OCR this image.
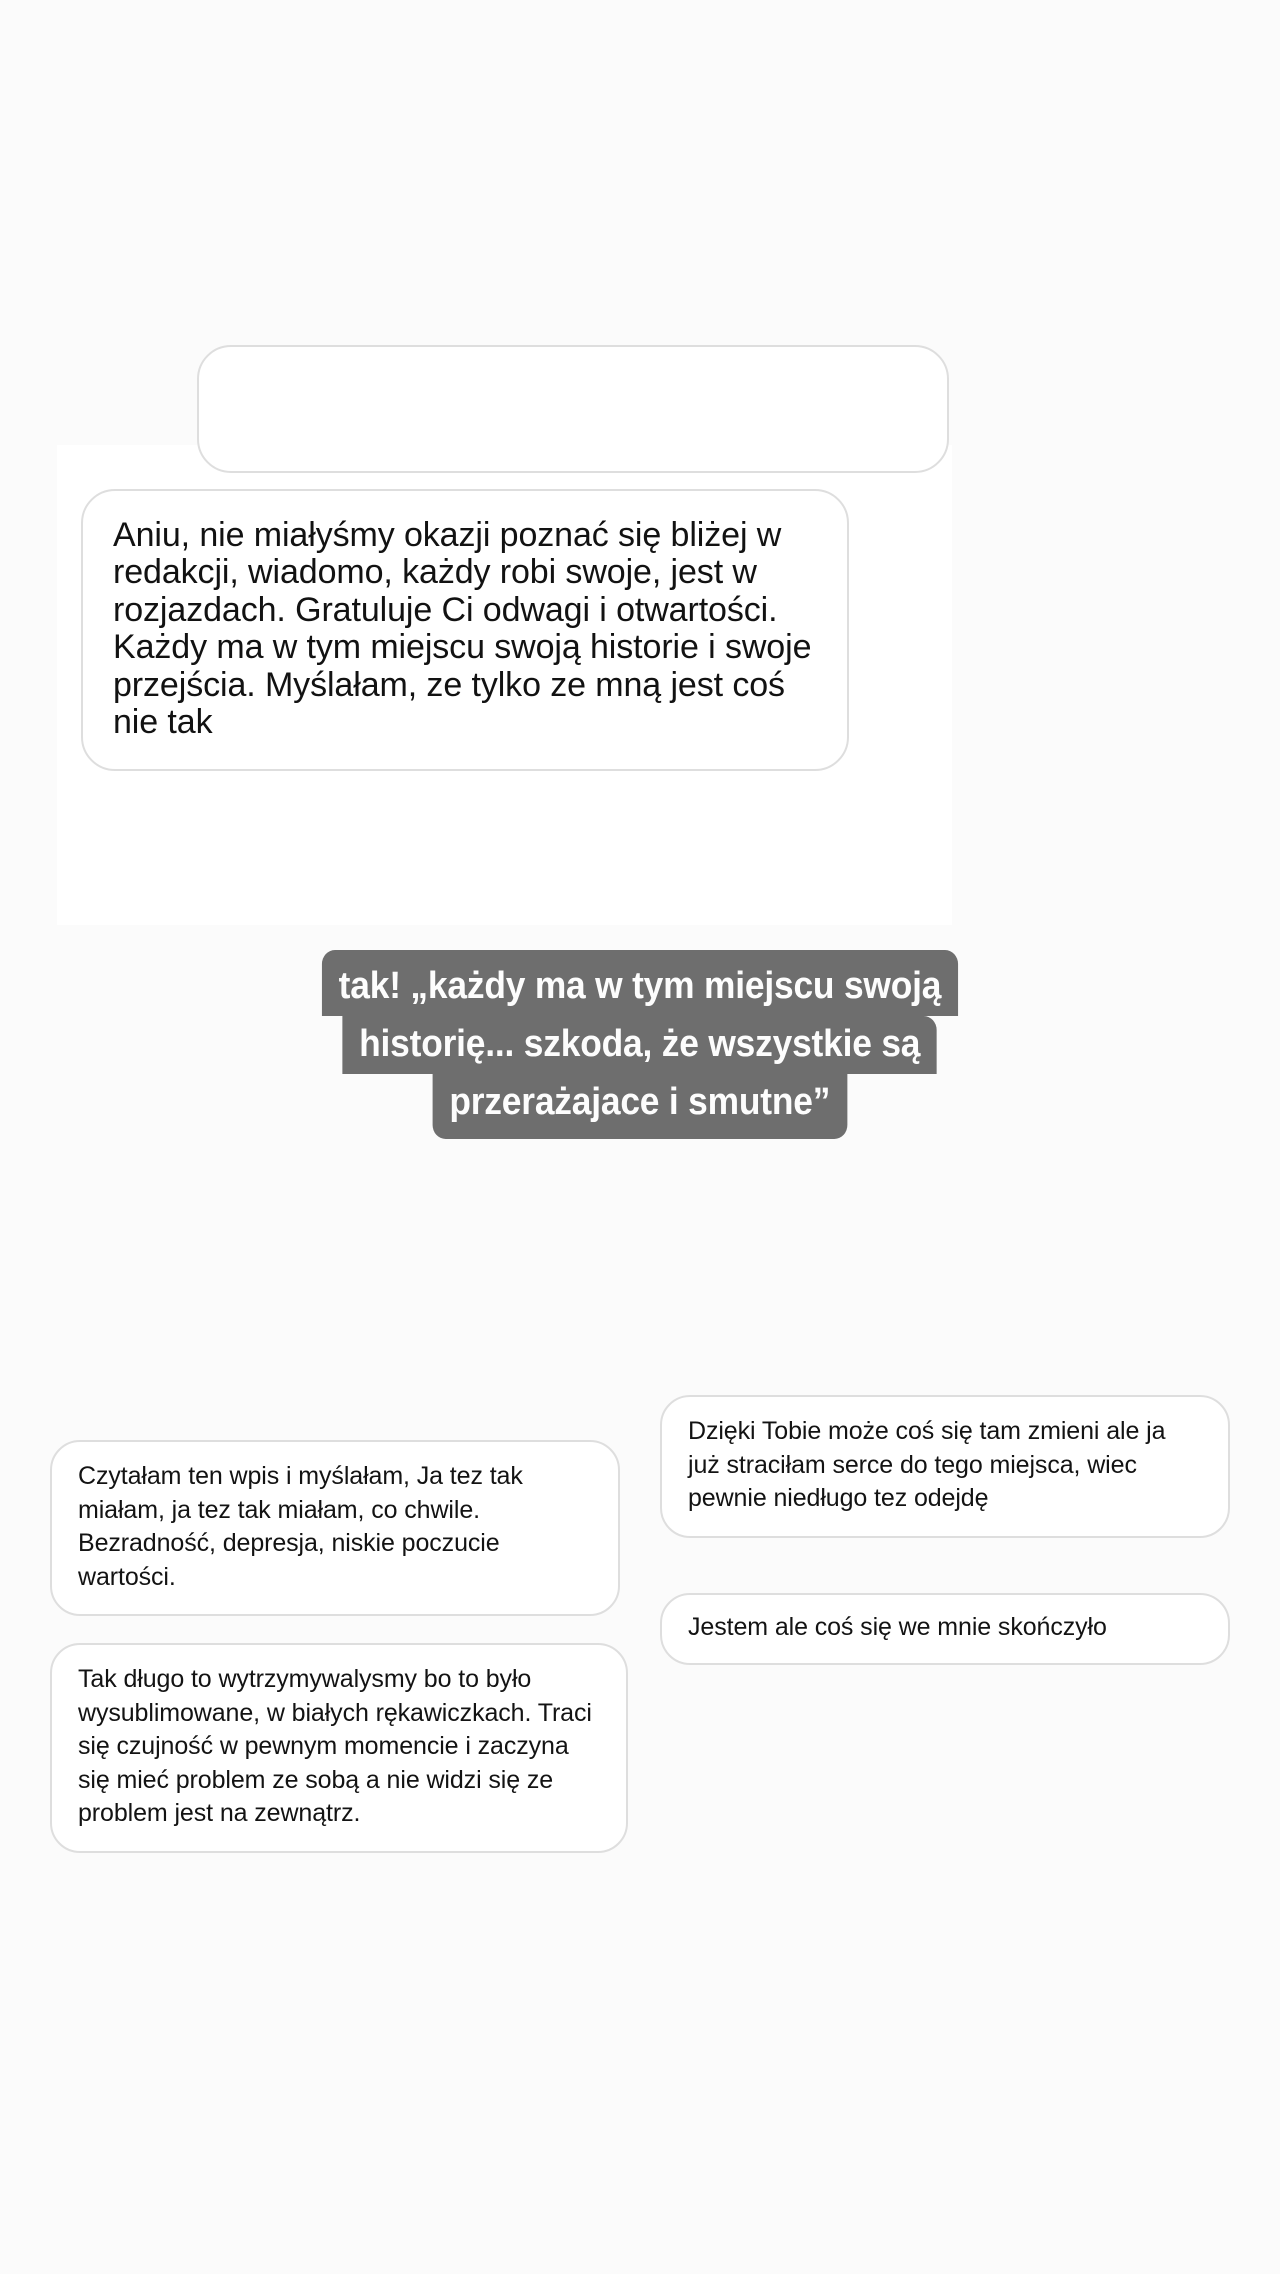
Aniu, nie miałyśmy okazji poznać się bliżej w redakcji, wiadomo, każdy robi swoje, jest w rozjazdach. Gratuluje Ci odwagi i otwartości. Każdy ma w tym miejscu swoją historie i swoje przejścia. Myślałam, ze tylko ze mną jest coś nie tak
tak! „każdy ma w tym miejscu swoją
historię... szkoda, że wszystkie są
przerażajace i smutne”
Czytałam ten wpis i myślałam, Ja tez tak miałam, ja tez tak miałam, co chwile.  Bezradność, depresja, niskie poczucie wartości.
Tak długo to wytrzymywalysmy bo to było wysublimowane, w białych rękawiczkach. Traci się czujność w pewnym momencie i zaczyna się mieć problem ze sobą a nie widzi się ze problem jest na zewnątrz.
Dzięki Tobie może coś się tam zmieni ale ja już straciłam serce do tego miejsca, wiec pewnie niedługo tez odejdę
Jestem ale coś się we mnie skończyło
